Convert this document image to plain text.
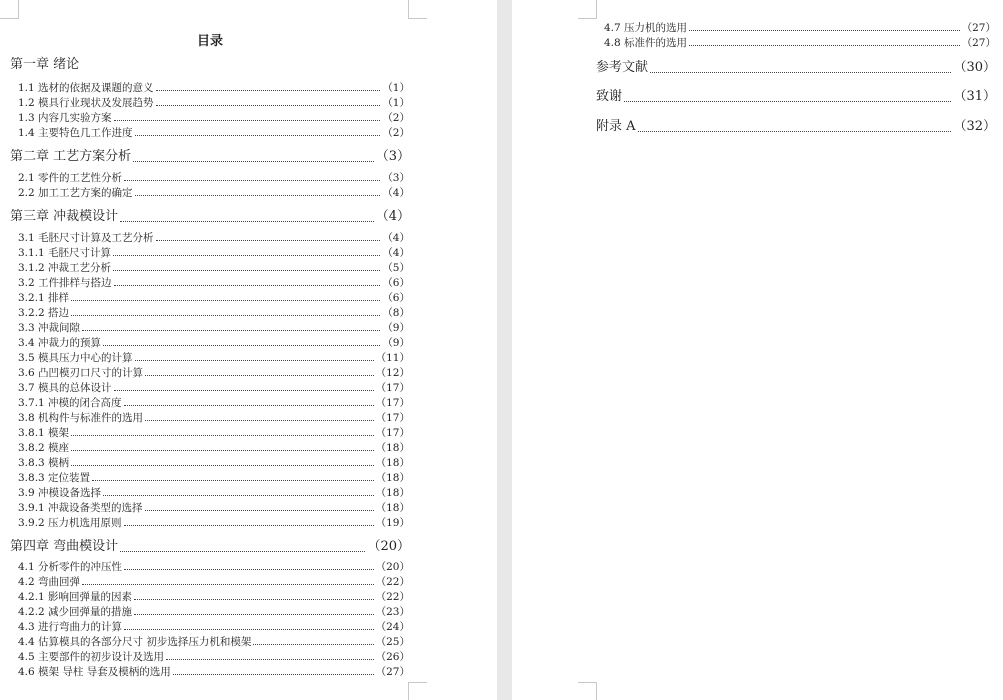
目录
第一章 绪论
1.1 选材的依据及课题的意义	（1）
1.2 模具行业现状及发展趋势	（1）
1.3 内容几实验方案	（2）
1.4 主要特色几工作进度	（2）
第二章 工艺方案分析	（3）
2.1 零件的工艺性分析	（3）
2.2 加工工艺方案的确定	（4）
第三章 冲裁模设计	（4）
3.1 毛胚尺寸计算及工艺分析	（4）
3.1.1 毛胚尺寸计算	（4）
3.1.2 冲裁工艺分析	（5）
3.2 工件排样与搭边	（6）
3.2.1 排样	（6）
3.2.2 搭边	（8）
3.3 冲裁间隙	（9）
3.4 冲裁力的预算	（9）
3.5 模具压力中心的计算	（11）
3.6 凸凹模刃口尺寸的计算	（12）
3.7 模具的总体设计	（17）
3.7.1 冲模的闭合高度	（17）
3.8 机构件与标准件的选用	（17）
3.8.1 模架	（17）
3.8.2 模座	（18）
3.8.3 模柄	（18）
3.8.3 定位装置	（18）
3.9 冲模设备选择	（18）
3.9.1 冲裁设备类型的选择	（18）
3.9.2 压力机选用原则	（19）
第四章 弯曲模设计	（20）
4.1 分析零件的冲压性	（20）
4.2 弯曲回弹	（22）
4.2.1 影响回弹量的因素	（22）
4.2.2 减少回弹量的措施	（23）
4.3 进行弯曲力的计算	（24）
4.4 估算模具的各部分尺寸 初步选择压力机和模架	（25）
4.5 主要部件的初步设计及选用	（26）
4.6 模架 导柱 导套及模柄的选用	（27）
4.7 压力机的选用	（27）
4.8 标准件的选用	（27）
参考文献	（30）
致谢	（31）
附录 A	（32）
